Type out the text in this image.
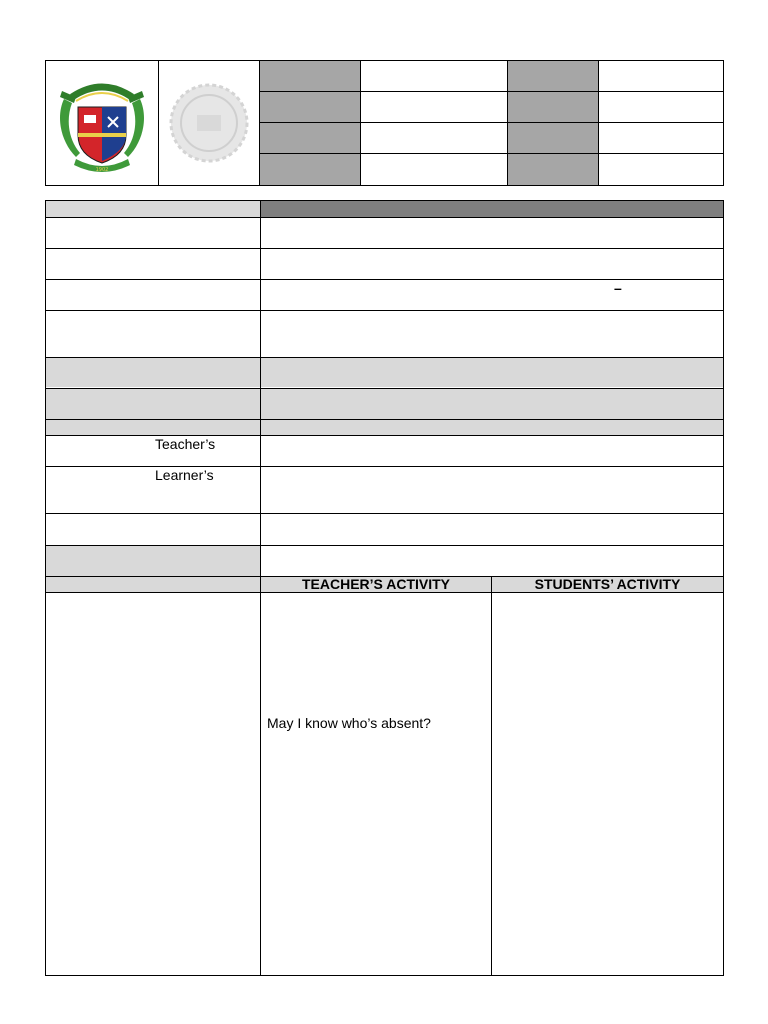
1902
–
Teacher’s
Learner’s
TEACHER’S ACTIVITY	STUDENTS’ ACTIVITY
May I know who’s absent?
